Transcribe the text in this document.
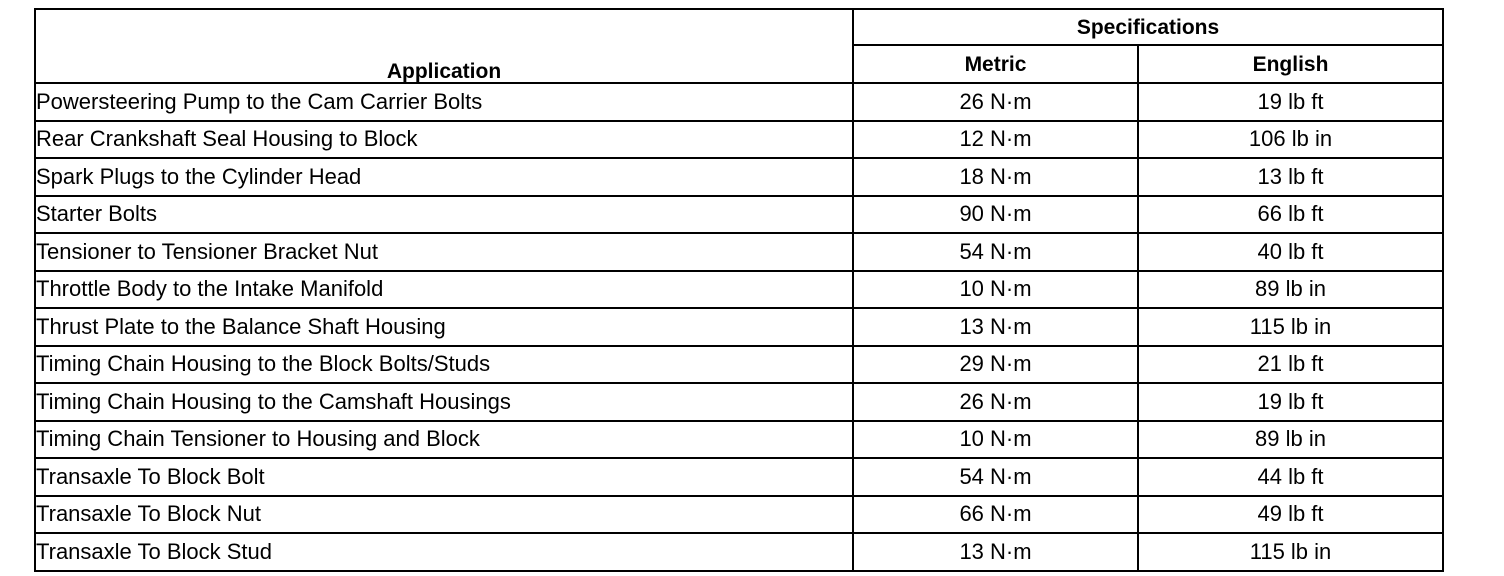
Application	Specifications	
	Metric	English
Powersteering Pump to the Cam Carrier Bolts	26 N·m	19 lb ft
Rear Crankshaft Seal Housing to Block	12 N·m	106 lb in
Spark Plugs to the Cylinder Head	18 N·m	13 lb ft
Starter Bolts	90 N·m	66 lb ft
Tensioner to Tensioner Bracket Nut	54 N·m	40 lb ft
Throttle Body to the Intake Manifold	10 N·m	89 lb in
Thrust Plate to the Balance Shaft Housing	13 N·m	115 lb in
Timing Chain Housing to the Block Bolts/Studs	29 N·m	21 lb ft
Timing Chain Housing to the Camshaft Housings	26 N·m	19 lb ft
Timing Chain Tensioner to Housing and Block	10 N·m	89 lb in
Transaxle To Block Bolt	54 N·m	44 lb ft
Transaxle To Block Nut	66 N·m	49 lb ft
Transaxle To Block Stud	13 N·m	115 lb in
